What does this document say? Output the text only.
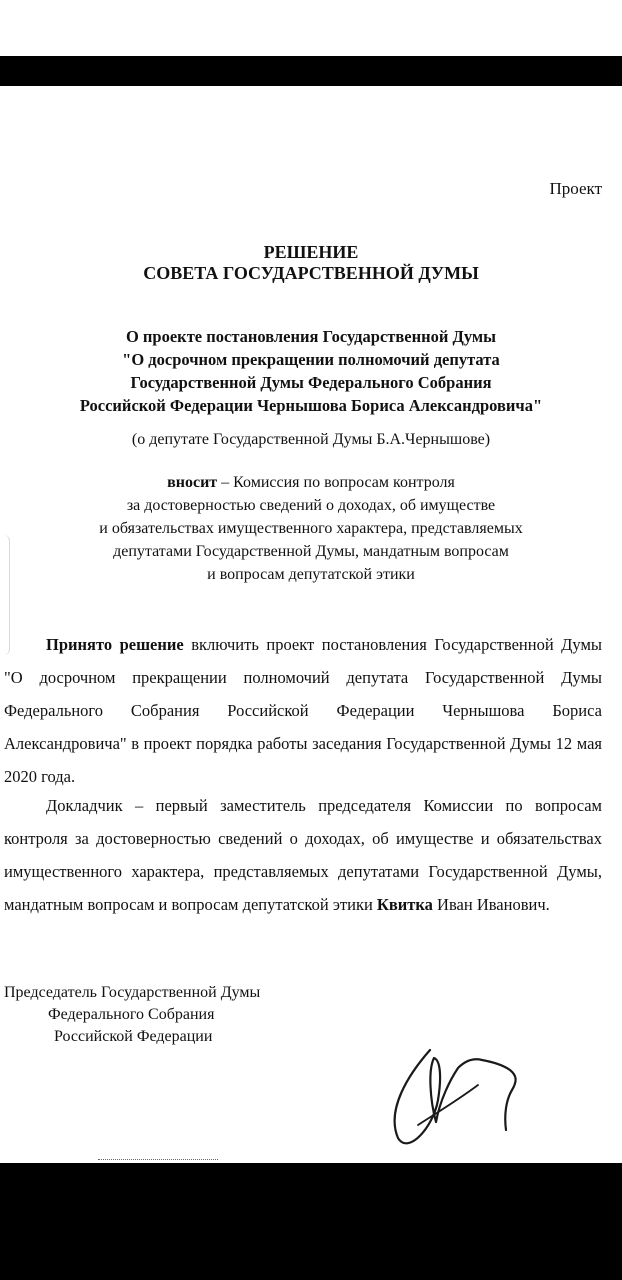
Проект
РЕШЕНИЕ
СОВЕТА ГОСУДАРСТВЕННОЙ ДУМЫ
О проекте постановления Государственной Думы
"О досрочном прекращении полномочий депутата
Государственной Думы Федерального Собрания
Российской Федерации Чернышова Бориса Александровича"
(о депутате Государственной Думы Б.А.Чернышове)
вносит – Комиссия по вопросам контроля
за достоверностью сведений о доходах, об имуществе
и обязательствах имущественного характера, представляемых
депутатами Государственной Думы, мандатным вопросам
и вопросам депутатской этики
Принято решение включить проект постановления Государственной Думы "О досрочном прекращении полномочий депутата Государственной Думы Федерального Собрания Российской Федерации Чернышова Бориса Александровича" в проект порядка работы заседания Государственной Думы 12 мая 2020 года.
Докладчик – первый заместитель председателя Комиссии по вопросам контроля за достоверностью сведений о доходах, об имуществе и обязательствах имущественного характера, представляемых депутатами Государственной Думы, мандатным вопросам и вопросам депутатской этики Квитка Иван Иванович.
Председатель Государственной Думы
Федерального Собрания
Российской Федерации
